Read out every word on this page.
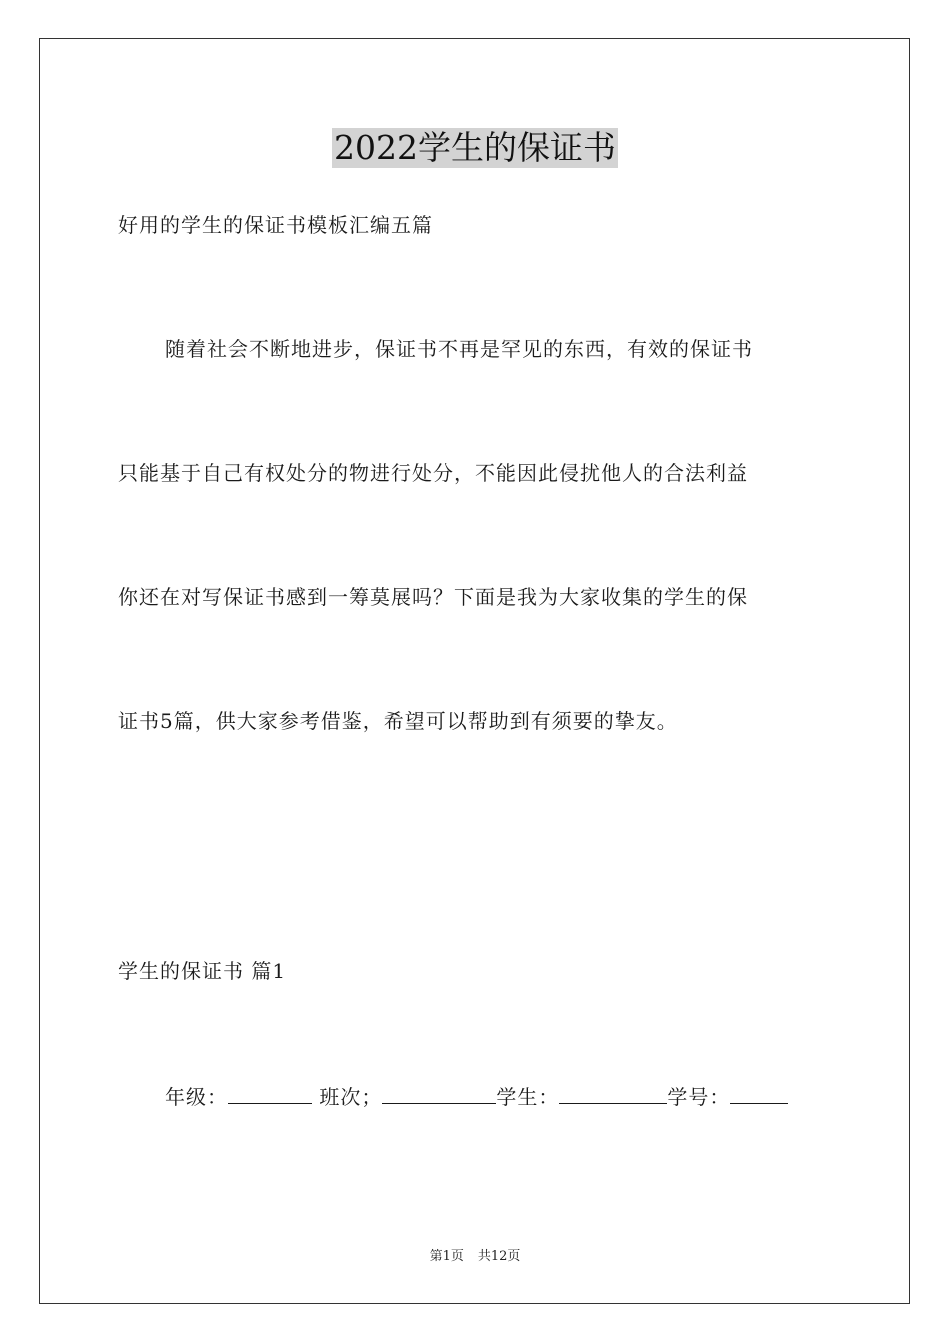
2022学生的保证书
好用的学生的保证书模板汇编五篇
随着社会不断地进步，保证书不再是罕见的东西，有效的保证书
只能基于自己有权处分的物进行处分，不能因此侵扰他人的合法利益
你还在对写保证书感到一筹莫展吗？下面是我为大家收集的学生的保
证书5篇，供大家参考借鉴，希望可以帮助到有须要的挚友。
学生的保证书 篇1
年级：	班次；	学生：	学号：
第1页 共12页
